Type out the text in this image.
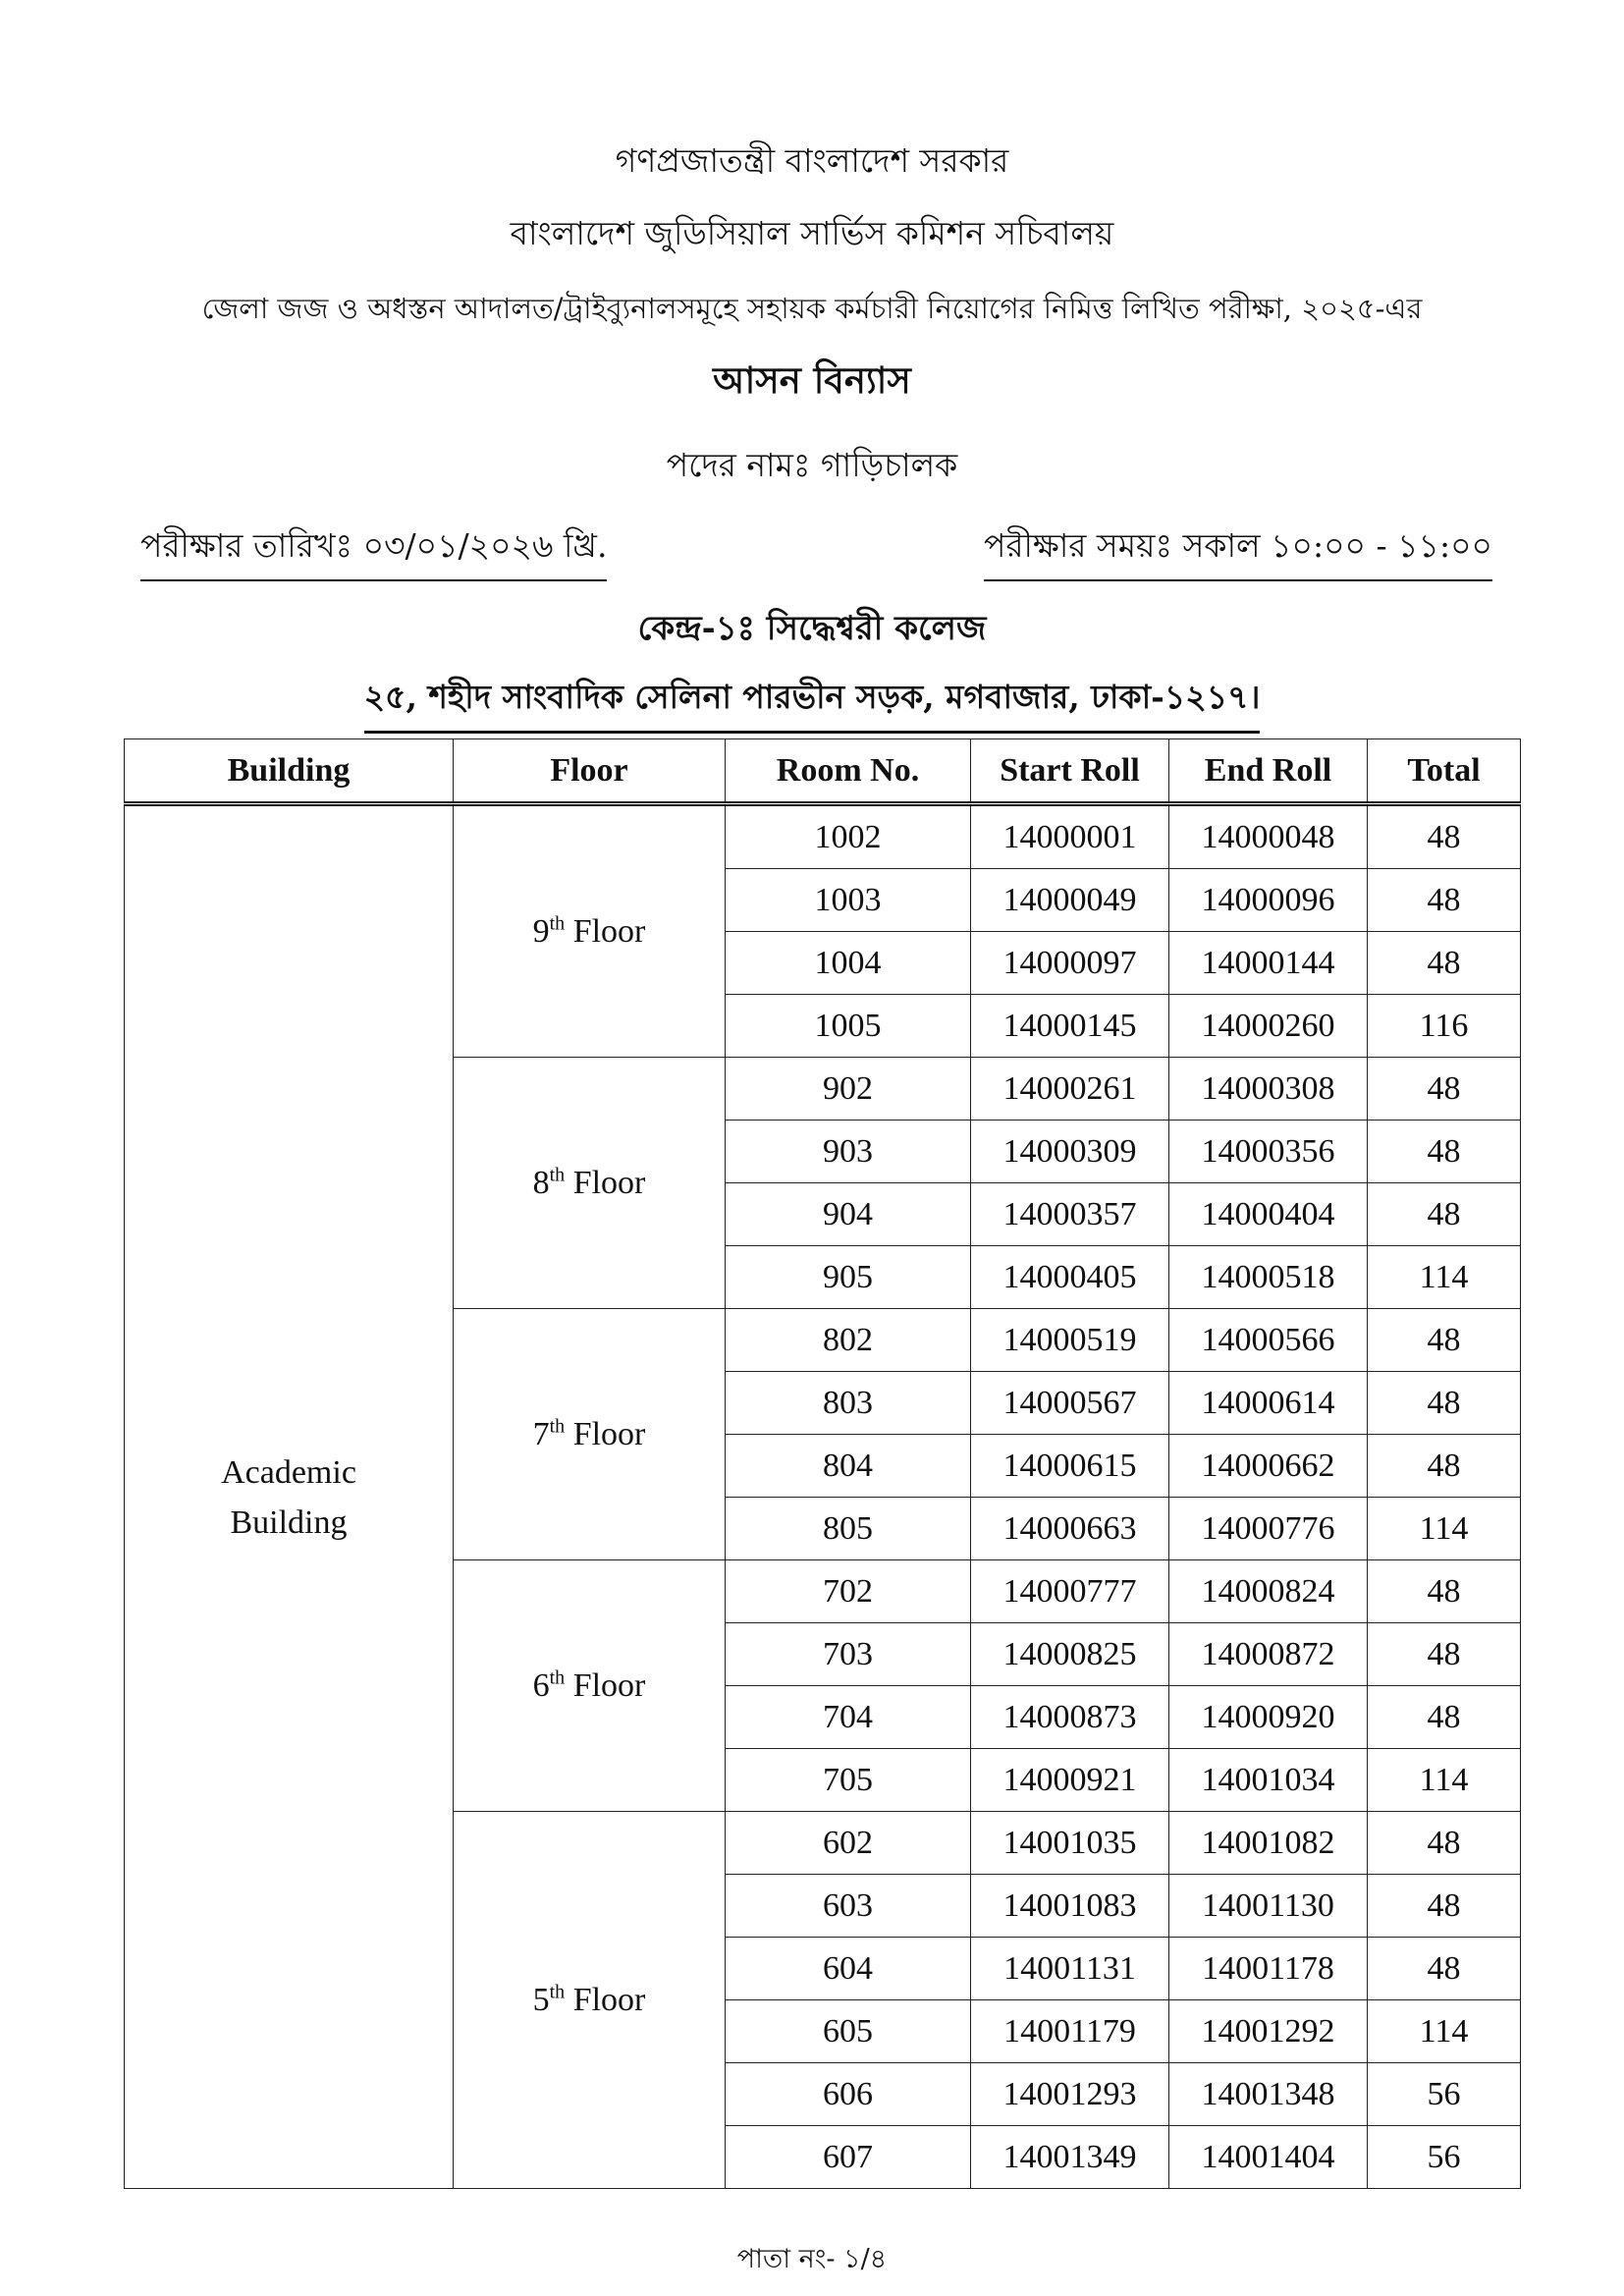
গণপ্রজাতন্ত্রী বাংলাদেশ সরকার
বাংলাদেশ জুডিসিয়াল সার্ভিস কমিশন সচিবালয়
জেলা জজ ও অধস্তন আদালত/ট্রাইব্যুনালসমূহে সহায়ক কর্মচারী নিয়োগের নিমিত্ত লিখিত পরীক্ষা, ২০২৫-এর
আসন বিন্যাস
পদের নামঃ গাড়িচালক
পরীক্ষার তারিখঃ ০৩/০১/২০২৬ খ্রি.	পরীক্ষার সময়ঃ সকাল ১০:০০ - ১১:০০
কেন্দ্র-১ঃ সিদ্ধেশ্বরী কলেজ
২৫, শহীদ সাংবাদিক সেলিনা পারভীন সড়ক, মগবাজার, ঢাকা-১২১৭।
Building	Floor	Room No.	Start Roll	End Roll	Total

Academic
Building	9th Floor	1002	14000001	14000048	48
		1003	14000049	14000096	48
		1004	14000097	14000144	48
		1005	14000145	14000260	116
	8th Floor	902	14000261	14000308	48
		903	14000309	14000356	48
		904	14000357	14000404	48
		905	14000405	14000518	114
	7th Floor	802	14000519	14000566	48
		803	14000567	14000614	48
		804	14000615	14000662	48
		805	14000663	14000776	114
	6th Floor	702	14000777	14000824	48
		703	14000825	14000872	48
		704	14000873	14000920	48
		705	14000921	14001034	114
	5th Floor	602	14001035	14001082	48
		603	14001083	14001130	48
		604	14001131	14001178	48
		605	14001179	14001292	114
		606	14001293	14001348	56
		607	14001349	14001404	56
পাতা নং- ১/৪
